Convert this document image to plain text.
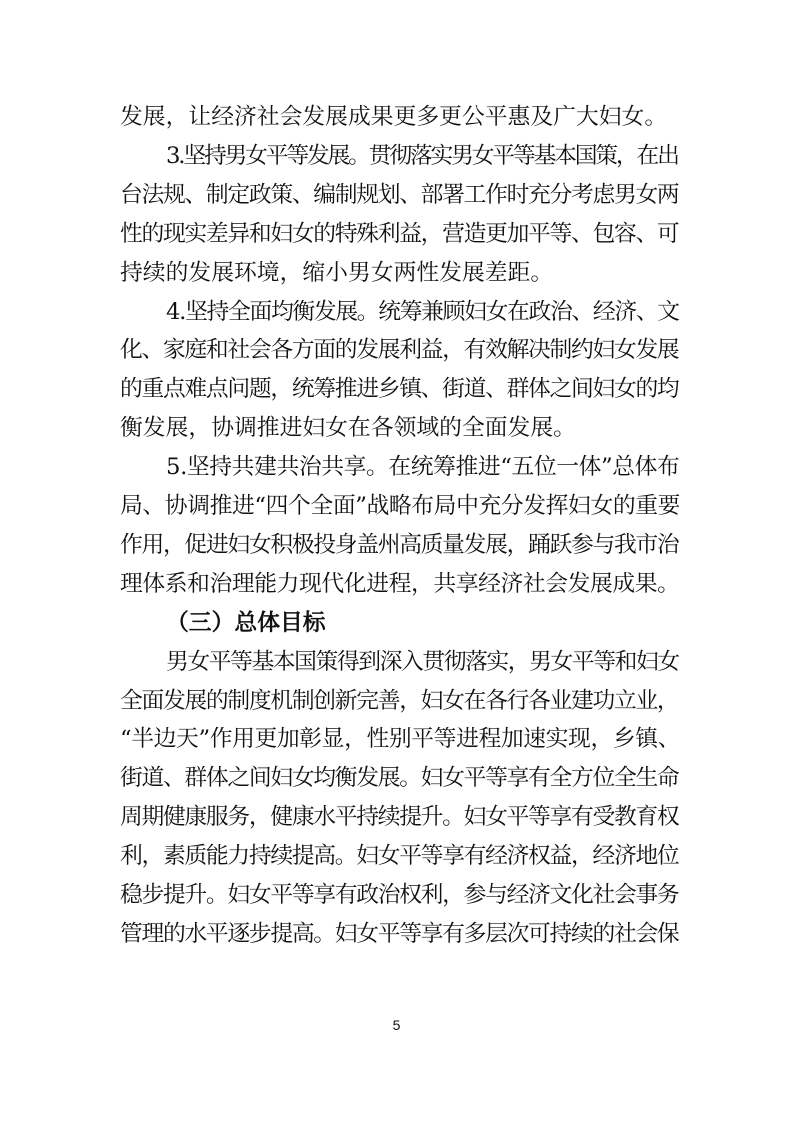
发展，让经济社会发展成果更多更公平惠及广大妇女。
3.坚持男女平等发展。贯彻落实男女平等基本国策，在出
台法规、制定政策、编制规划、部署工作时充分考虑男女两
性的现实差异和妇女的特殊利益，营造更加平等、包容、可
持续的发展环境，缩小男女两性发展差距。
4.坚持全面均衡发展。统筹兼顾妇女在政治、经济、文
化、家庭和社会各方面的发展利益，有效解决制约妇女发展
的重点难点问题，统筹推进乡镇、街道、群体之间妇女的均
衡发展，协调推进妇女在各领域的全面发展。
5.坚持共建共治共享。在统筹推进“五位一体”总体布
局、协调推进“四个全面”战略布局中充分发挥妇女的重要
作用，促进妇女积极投身盖州高质量发展，踊跃参与我市治
理体系和治理能力现代化进程，共享经济社会发展成果。
（三）总体目标
男女平等基本国策得到深入贯彻落实，男女平等和妇女
全面发展的制度机制创新完善，妇女在各行各业建功立业，
“半边天”作用更加彰显，性别平等进程加速实现，乡镇、
街道、群体之间妇女均衡发展。妇女平等享有全方位全生命
周期健康服务，健康水平持续提升。妇女平等享有受教育权
利，素质能力持续提高。妇女平等享有经济权益，经济地位
稳步提升。妇女平等享有政治权利，参与经济文化社会事务
管理的水平逐步提高。妇女平等享有多层次可持续的社会保
5
